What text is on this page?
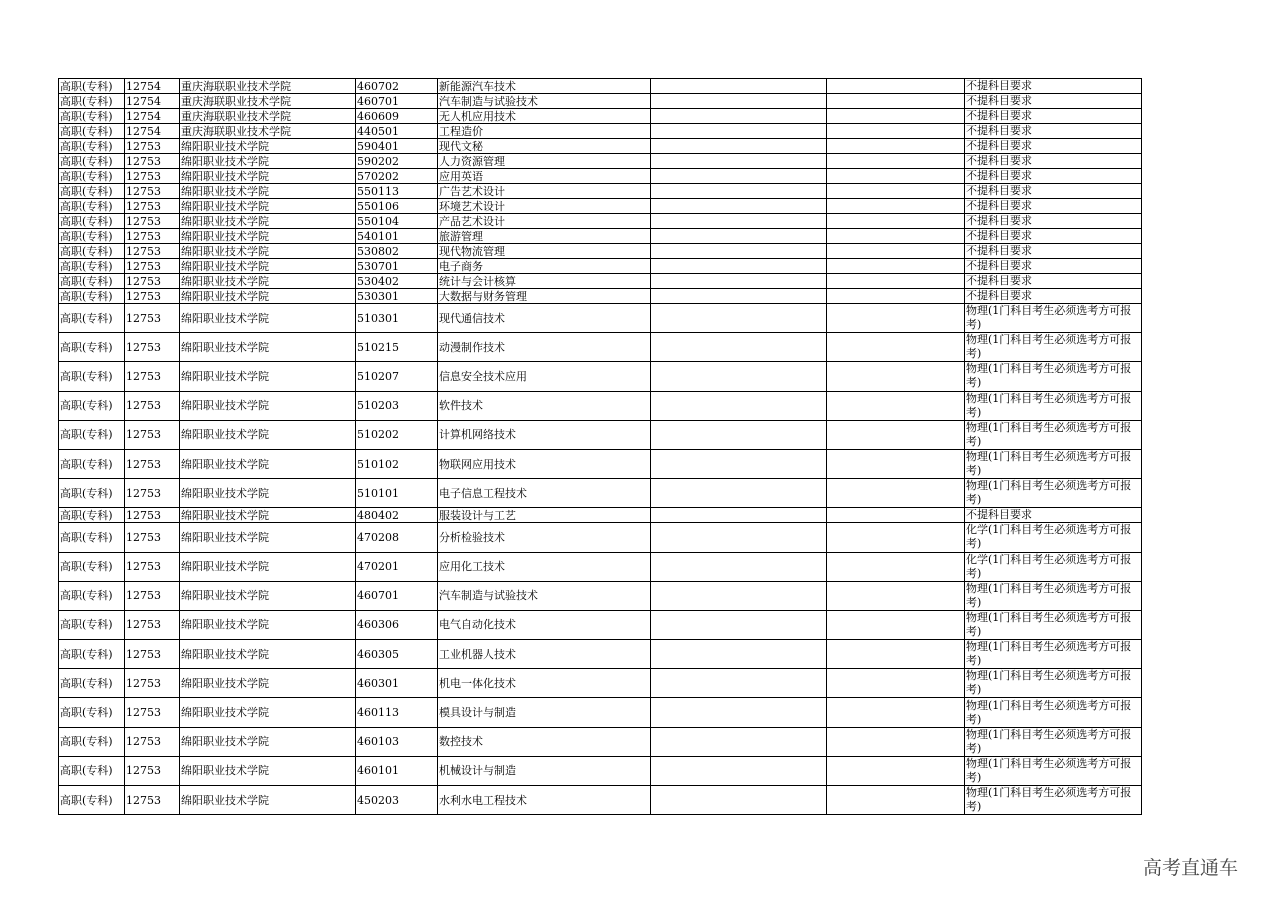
高职(专科)	12754	重庆海联职业技术学院	460702	新能源汽车技术			不提科目要求
高职(专科)	12754	重庆海联职业技术学院	460701	汽车制造与试验技术			不提科目要求
高职(专科)	12754	重庆海联职业技术学院	460609	无人机应用技术			不提科目要求
高职(专科)	12754	重庆海联职业技术学院	440501	工程造价			不提科目要求
高职(专科)	12753	绵阳职业技术学院	590401	现代文秘			不提科目要求
高职(专科)	12753	绵阳职业技术学院	590202	人力资源管理			不提科目要求
高职(专科)	12753	绵阳职业技术学院	570202	应用英语			不提科目要求
高职(专科)	12753	绵阳职业技术学院	550113	广告艺术设计			不提科目要求
高职(专科)	12753	绵阳职业技术学院	550106	环境艺术设计			不提科目要求
高职(专科)	12753	绵阳职业技术学院	550104	产品艺术设计			不提科目要求
高职(专科)	12753	绵阳职业技术学院	540101	旅游管理			不提科目要求
高职(专科)	12753	绵阳职业技术学院	530802	现代物流管理			不提科目要求
高职(专科)	12753	绵阳职业技术学院	530701	电子商务			不提科目要求
高职(专科)	12753	绵阳职业技术学院	530402	统计与会计核算			不提科目要求
高职(专科)	12753	绵阳职业技术学院	530301	大数据与财务管理			不提科目要求
高职(专科)	12753	绵阳职业技术学院	510301	现代通信技术			物理(1门科目考生必须选考方可报考)
高职(专科)	12753	绵阳职业技术学院	510215	动漫制作技术			物理(1门科目考生必须选考方可报考)
高职(专科)	12753	绵阳职业技术学院	510207	信息安全技术应用			物理(1门科目考生必须选考方可报考)
高职(专科)	12753	绵阳职业技术学院	510203	软件技术			物理(1门科目考生必须选考方可报考)
高职(专科)	12753	绵阳职业技术学院	510202	计算机网络技术			物理(1门科目考生必须选考方可报考)
高职(专科)	12753	绵阳职业技术学院	510102	物联网应用技术			物理(1门科目考生必须选考方可报考)
高职(专科)	12753	绵阳职业技术学院	510101	电子信息工程技术			物理(1门科目考生必须选考方可报考)
高职(专科)	12753	绵阳职业技术学院	480402	服装设计与工艺			不提科目要求
高职(专科)	12753	绵阳职业技术学院	470208	分析检验技术			化学(1门科目考生必须选考方可报考)
高职(专科)	12753	绵阳职业技术学院	470201	应用化工技术			化学(1门科目考生必须选考方可报考)
高职(专科)	12753	绵阳职业技术学院	460701	汽车制造与试验技术			物理(1门科目考生必须选考方可报考)
高职(专科)	12753	绵阳职业技术学院	460306	电气自动化技术			物理(1门科目考生必须选考方可报考)
高职(专科)	12753	绵阳职业技术学院	460305	工业机器人技术			物理(1门科目考生必须选考方可报考)
高职(专科)	12753	绵阳职业技术学院	460301	机电一体化技术			物理(1门科目考生必须选考方可报考)
高职(专科)	12753	绵阳职业技术学院	460113	模具设计与制造			物理(1门科目考生必须选考方可报考)
高职(专科)	12753	绵阳职业技术学院	460103	数控技术			物理(1门科目考生必须选考方可报考)
高职(专科)	12753	绵阳职业技术学院	460101	机械设计与制造			物理(1门科目考生必须选考方可报考)
高职(专科)	12753	绵阳职业技术学院	450203	水利水电工程技术			物理(1门科目考生必须选考方可报考)
高考直通车
